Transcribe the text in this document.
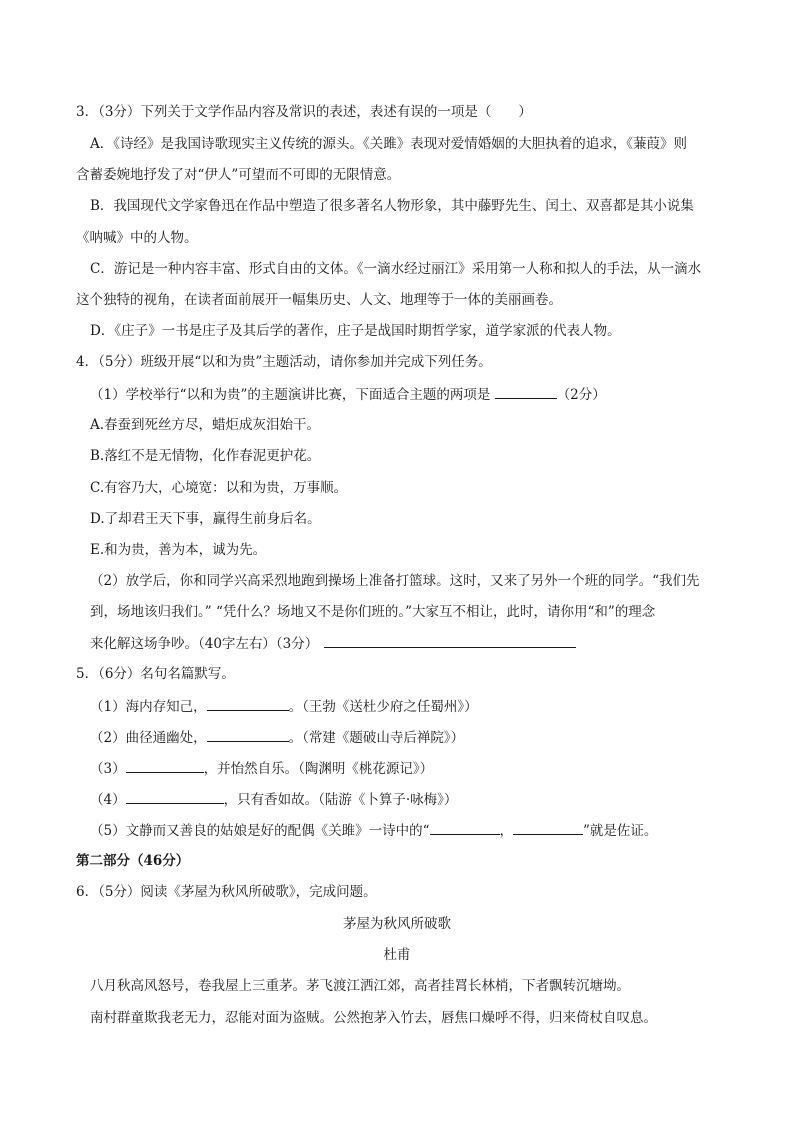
3．（3分）下列关于文学作品内容及常识的表述，表述有误的一项是（　　）
A．《诗经》是我国诗歌现实主义传统的源头。《关雎》表现对爱情婚姻的大胆执着的追求，《蒹葭》则
含蓄委婉地抒发了对“伊人”可望而不可即的无限情意。
B．我国现代文学家鲁迅在作品中塑造了很多著名人物形象，其中藤野先生、闰土、双喜都是其小说集
《呐喊》中的人物。
C．游记是一种内容丰富、形式自由的文体。《一滴水经过丽江》采用第一人称和拟人的手法，从一滴水
这个独特的视角，在读者面前展开一幅集历史、人文、地理等于一体的美丽画卷。
D．《庄子》一书是庄子及其后学的著作，庄子是战国时期哲学家，道学家派的代表人物。
4．（5分）班级开展“以和为贵”主题活动，请你参加并完成下列任务。
（1）学校举行“以和为贵”的主题演讲比赛，下面适合主题的两项是	（2分）
A.春蚕到死丝方尽，蜡炬成灰泪始干。
B.落红不是无情物，化作春泥更护花。
C.有容乃大，心境宽：以和为贵，万事顺。
D.了却君王天下事，赢得生前身后名。
E.和为贵，善为本，诚为先。
（2）放学后，你和同学兴高采烈地跑到操场上准备打篮球。这时，又来了另外一个班的同学。“我们先
到，场地该归我们。” “凭什么？场地又不是你们班的。”大家互不相让，此时，请你用“和”的理念
来化解这场争吵。（40字左右）（3分）
5．（6分）名句名篇默写。
（1）海内存知己，	。（王勃《送杜少府之任蜀州》）
（2）曲径通幽处，	。（常建《题破山寺后禅院》）
（3）	，并怡然自乐。（陶渊明《桃花源记》）
（4）	，只有香如故。（陆游《卜算子·咏梅》）
（5）文静而又善良的姑娘是好的配偶《关雎》一诗中的“	，	”就是佐证。
第二部分（46分）
6．（5分）阅读《茅屋为秋风所破歌》，完成问题。
茅屋为秋风所破歌
杜甫
八月秋高风怒号，卷我屋上三重茅。茅飞渡江洒江郊，高者挂罥长林梢，下者飘转沉塘坳。
南村群童欺我老无力，忍能对面为盗贼。公然抱茅入竹去，唇焦口燥呼不得，归来倚杖自叹息。
